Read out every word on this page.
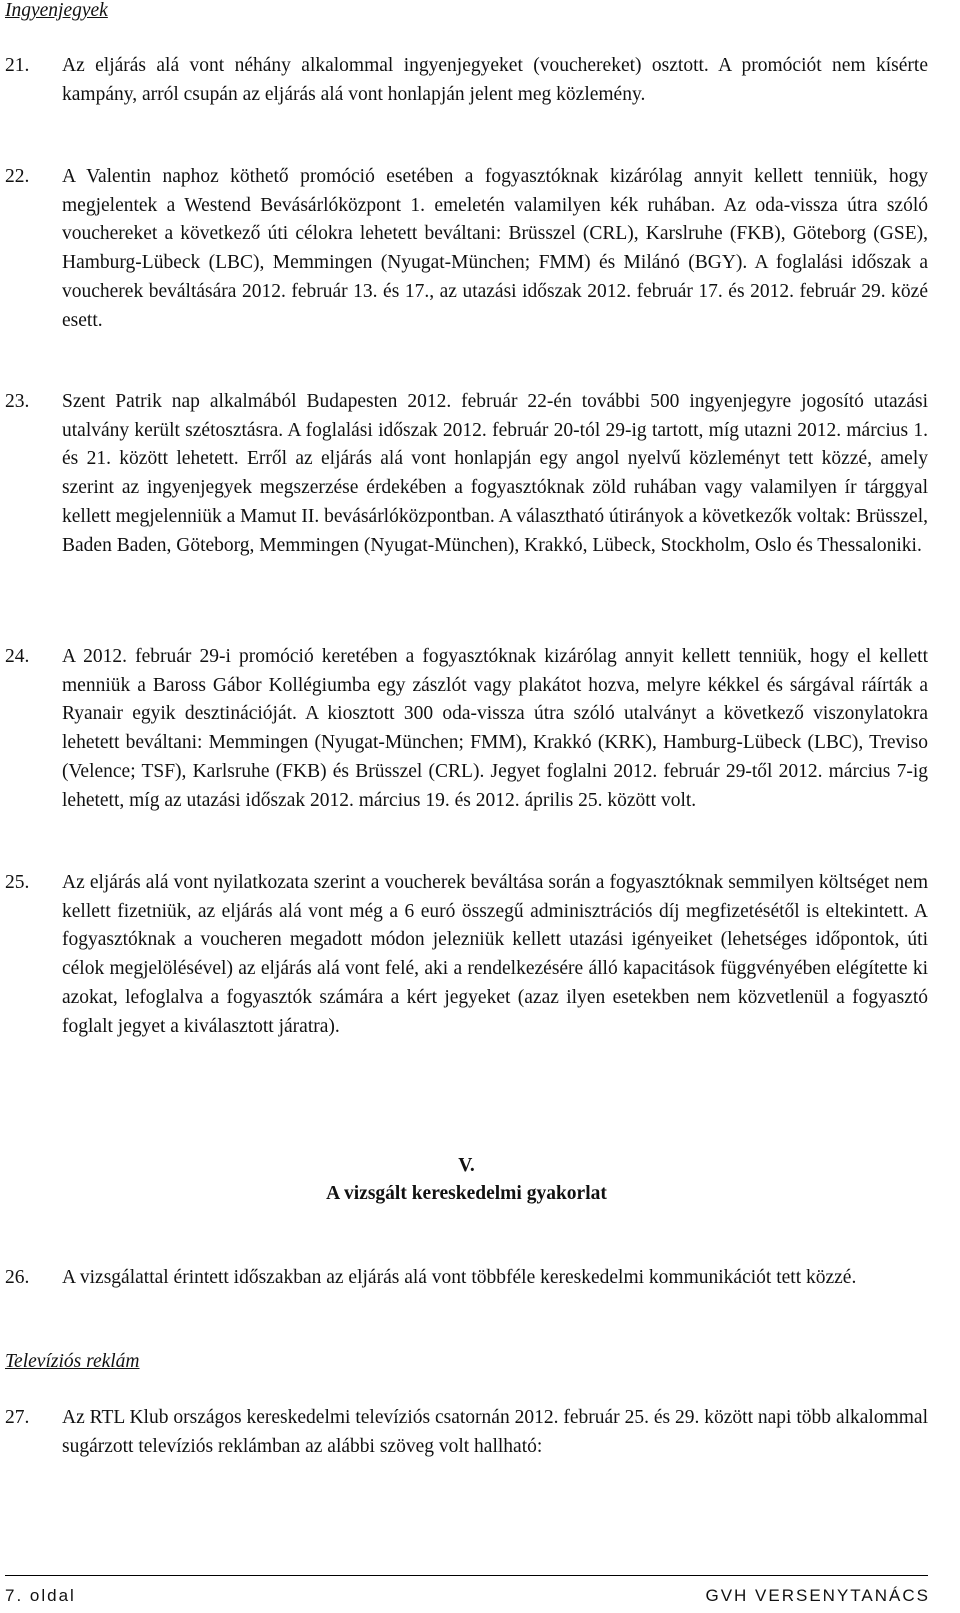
Ingyenjegyek
21.	Az eljárás alá vont néhány alkalommal ingyenjegyeket (vouchereket) osztott. A promóciót nem kísérte kampány, arról csupán az eljárás alá vont honlapján jelent meg közlemény.
22.	A Valentin naphoz köthető promóció esetében a fogyasztóknak kizárólag annyit kellett tenniük, hogy megjelentek a Westend Bevásárlóközpont 1. emeletén valamilyen kék ruhában. Az oda-vissza útra szóló vouchereket a következő úti célokra lehetett beváltani: Brüsszel (CRL), Karslruhe (FKB), Göteborg (GSE), Hamburg-Lübeck (LBC), Memmingen (Nyugat-München; FMM) és Milánó (BGY). A foglalási időszak a voucherek beváltására 2012. február 13. és 17., az utazási időszak 2012. február 17. és 2012. február 29. közé esett.
23.	Szent Patrik nap alkalmából Budapesten 2012. február 22-én további 500 ingyenjegyre jogosító utazási utalvány került szétosztásra. A foglalási időszak 2012. február 20-tól 29-ig tartott, míg utazni 2012. március 1. és 21. között lehetett. Erről az eljárás alá vont honlapján egy angol nyelvű közleményt tett közzé, amely szerint az ingyenjegyek megszerzése érdekében a fogyasztóknak zöld ruhában vagy valamilyen ír tárggyal kellett megjelenniük a Mamut II. bevásárlóközpontban. A választható útirányok a következők voltak: Brüsszel, Baden Baden, Göteborg, Memmingen (Nyugat-München), Krakkó, Lübeck, Stockholm, Oslo és Thessaloniki.
24.	A 2012. február 29-i promóció keretében a fogyasztóknak kizárólag annyit kellett tenniük, hogy el kellett menniük a Baross Gábor Kollégiumba egy zászlót vagy plakátot hozva, melyre kékkel és sárgával ráírták a Ryanair egyik desztinációját. A kiosztott 300 oda-vissza útra szóló utalványt a következő viszonylatokra lehetett beváltani: Memmingen (Nyugat-München; FMM), Krakkó (KRK), Hamburg-Lübeck (LBC), Treviso (Velence; TSF), Karlsruhe (FKB) és Brüsszel (CRL). Jegyet foglalni 2012. február 29-től 2012. március 7-ig lehetett, míg az utazási időszak 2012. március 19. és 2012. április 25. között volt.
25.	Az eljárás alá vont nyilatkozata szerint a voucherek beváltása során a fogyasztóknak semmilyen költséget nem kellett fizetniük, az eljárás alá vont még a 6 euró összegű adminisztrációs díj megfizetésétől is eltekintett. A fogyasztóknak a voucheren megadott módon jelezniük kellett utazási igényeiket (lehetséges időpontok, úti célok megjelölésével) az eljárás alá vont felé, aki a rendelkezésére álló kapacitások függvényében elégítette ki azokat, lefoglalva a fogyasztók számára a kért jegyeket (azaz ilyen esetekben nem közvetlenül a fogyasztó foglalt jegyet a kiválasztott járatra).
V.
A vizsgált kereskedelmi gyakorlat
26.	A vizsgálattal érintett időszakban az eljárás alá vont többféle kereskedelmi kommunikációt tett közzé.
Televíziós reklám
27.	Az RTL Klub országos kereskedelmi televíziós csatornán 2012. február 25. és 29. között napi több alkalommal sugárzott televíziós reklámban az alábbi szöveg volt hallható:
7. oldal	GVH VERSENYTANÁCS
